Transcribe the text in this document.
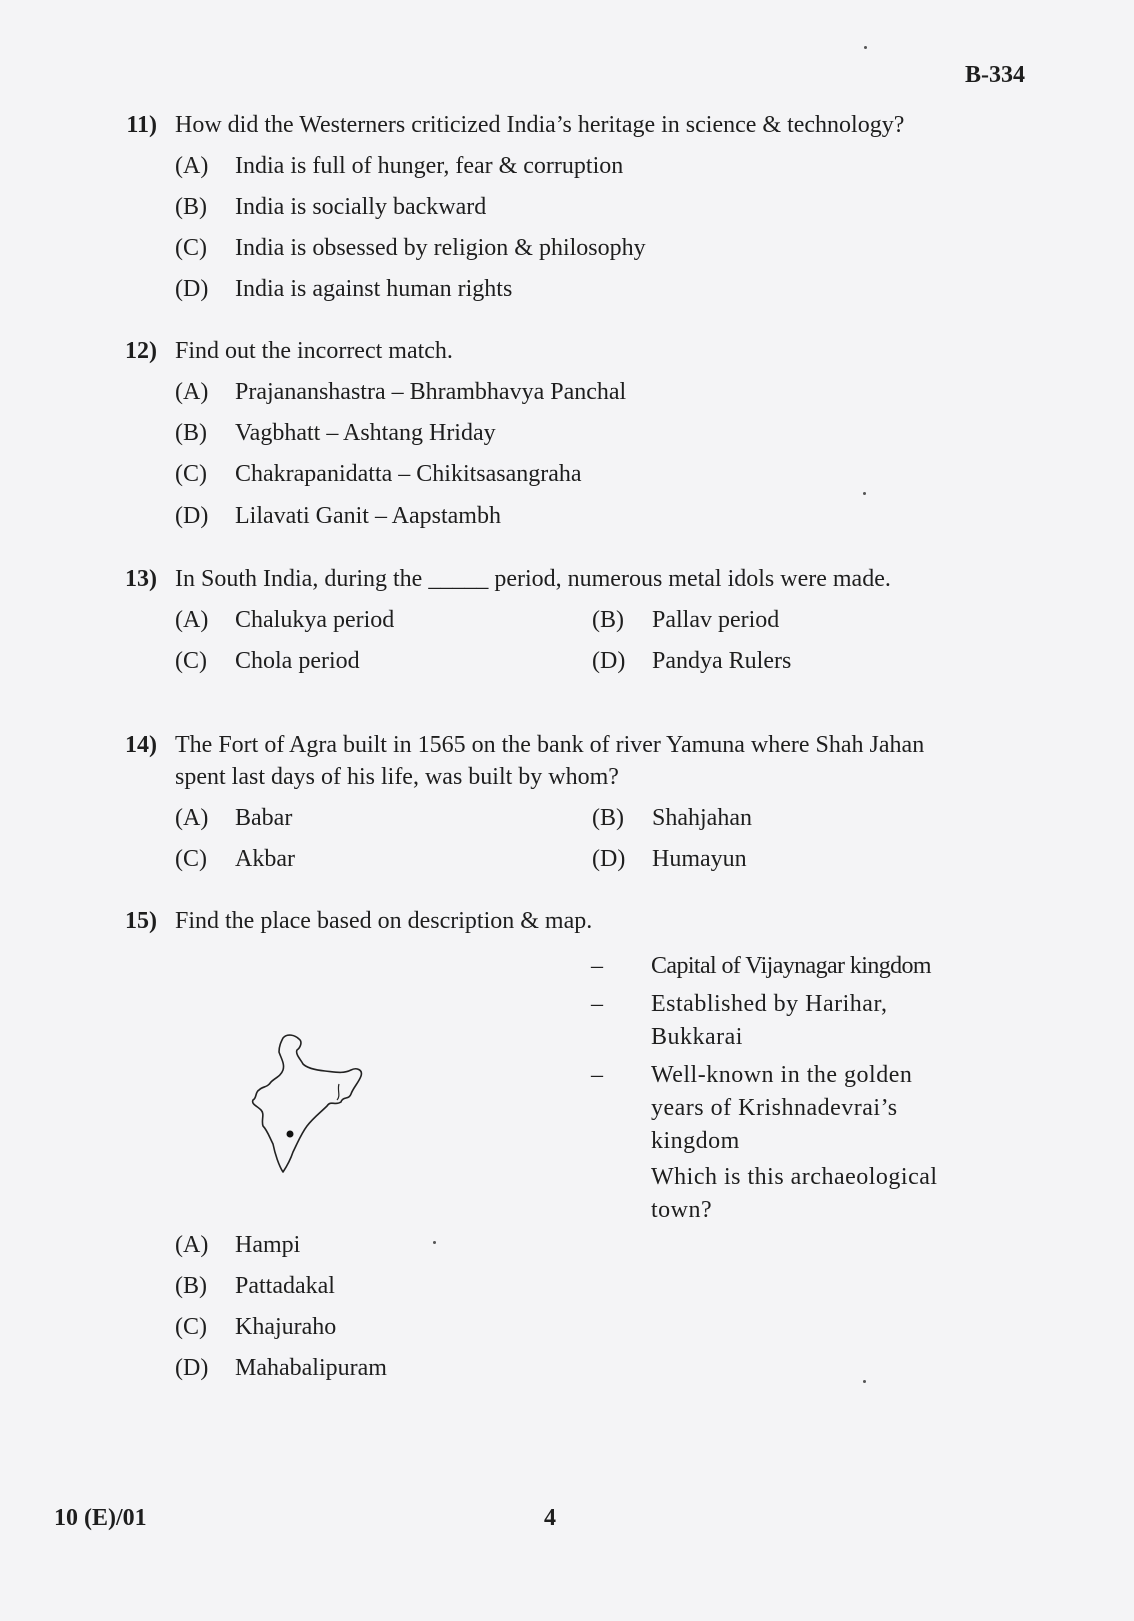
B-334
11) How did the Westerners criticized India’s heritage in science & technology?
(A) India is full of hunger, fear & corruption
(B) India is socially backward
(C) India is obsessed by religion & philosophy
(D) India is against human rights
12) Find out the incorrect match.
(A) Prajananshastra – Bhrambhavya Panchal
(B) Vagbhatt – Ashtang Hriday
(C) Chakrapanidatta – Chikitsasangraha
(D) Lilavati Ganit – Aapstambh
13) In South India, during the _____ period, numerous metal idols were made.
(A) Chalukya period	(B) Pallav period
(C) Chola period	(D) Pandya Rulers
14) The Fort of Agra built in 1565 on the bank of river Yamuna where Shah Jahan
spent last days of his life, was built by whom?
(A) Babar	(B) Shahjahan
(C) Akbar	(D) Humayun
15) Find the place based on description & map.
– Capital of Vijaynagar kingdom
– Established by Harihar,
Bukkarai
– Well-known in the golden
years of Krishnadevrai’s
kingdom
Which is this archaeological
town?
(A) Hampi
(B) Pattadakal
(C) Khajuraho
(D) Mahabalipuram
10 (E)/01	4
